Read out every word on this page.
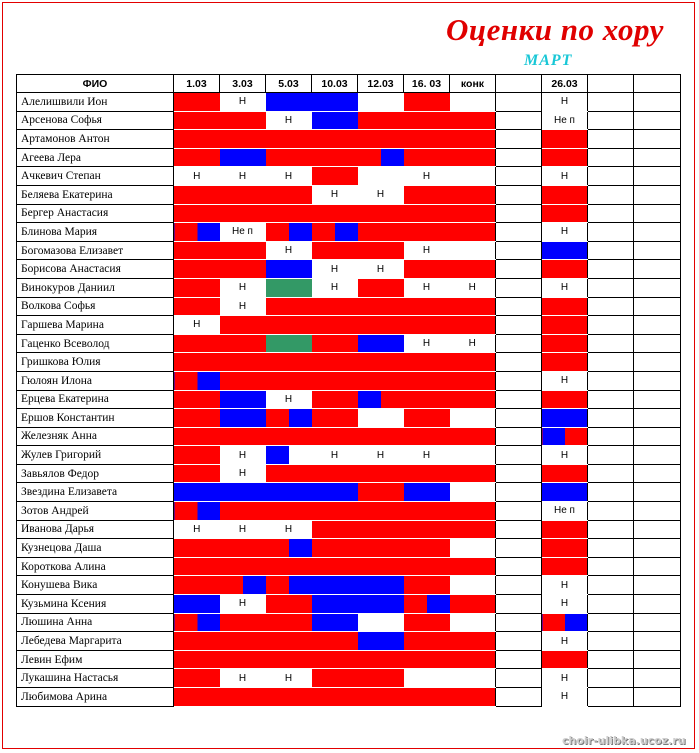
Оценки по хору
МАРТ
ФИО	1.03	3.03	5.03	10.03	12.03	16. 03	конк		26.03		
Алелишвили Ион		Н							Н		
Арсенова Софья			Н						Не п		
Артамонов Антон											
Агеева Лера											
Ачкевич Степан	Н	Н	Н			Н			Н		
Беляева Екатерина				Н	Н						
Бергер Анастасия											
Блинова Мария		Не п							Н		
Богомазова Елизавет			Н			Н					
Борисова Анастасия				Н	Н						
Винокуров Даниил		Н		Н		Н	Н		Н		
Волкова Софья		Н									
Гаршева Марина	Н										
Гаценко Всеволод						Н	Н				
Гришкова Юлия											
Гюлоян Илона									Н		
Ерцева Екатерина			Н								
Ершов Константин											
Железняк Анна											
Жулев Григорий		Н		Н	Н	Н			Н		
Завьялов Федор		Н									
Звездина Елизавета											
Зотов Андрей									Не п		
Иванова Дарья	Н	Н	Н								
Кузнецова Даша											
Короткова Алина											
Конушева Вика									Н		
Кузьмина Ксения		Н							Н		
Люшина Анна											
Лебедева Маргарита									Н		
Левин Ефим											
Лукашина Настасья		Н	Н						Н		
Любимова Арина									Н		
choir-ulibka.ucoz.ru
